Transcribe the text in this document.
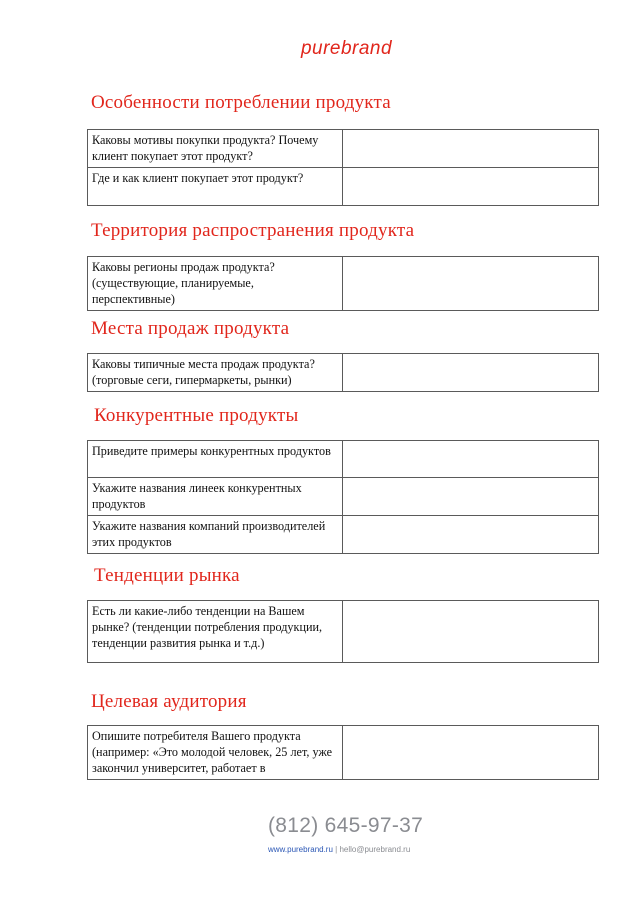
purebrand
Особенности потреблении продукта
Каковы мотивы покупки продукта? Почему клиент покупает этот продукт?	
Где и как клиент покупает этот продукт?	
Территория распространения продукта
Каковы регионы продаж продукта? (существующие, планируемые, перспективные)	
Места продаж продукта
Каковы типичные места продаж продукта? (торговые сеги, гипермаркеты, рынки)	
Конкурентные продукты
Приведите примеры конкурентных продуктов	
Укажите названия линеек конкурентных продуктов	
Укажите названия компаний производителей этих продуктов	
Тенденции рынка
Есть ли какие-либо тенденции на Вашем рынке? (тенденции потребления продукции, тенденции развития рынка и т.д.)	
Целевая аудитория
Опишите потребителя Вашего продукта (например: «Это молодой человек, 25 лет, уже закончил университет, работает в	
(812) 645-97-37
www.purebrand.ru | hello@purebrand.ru
